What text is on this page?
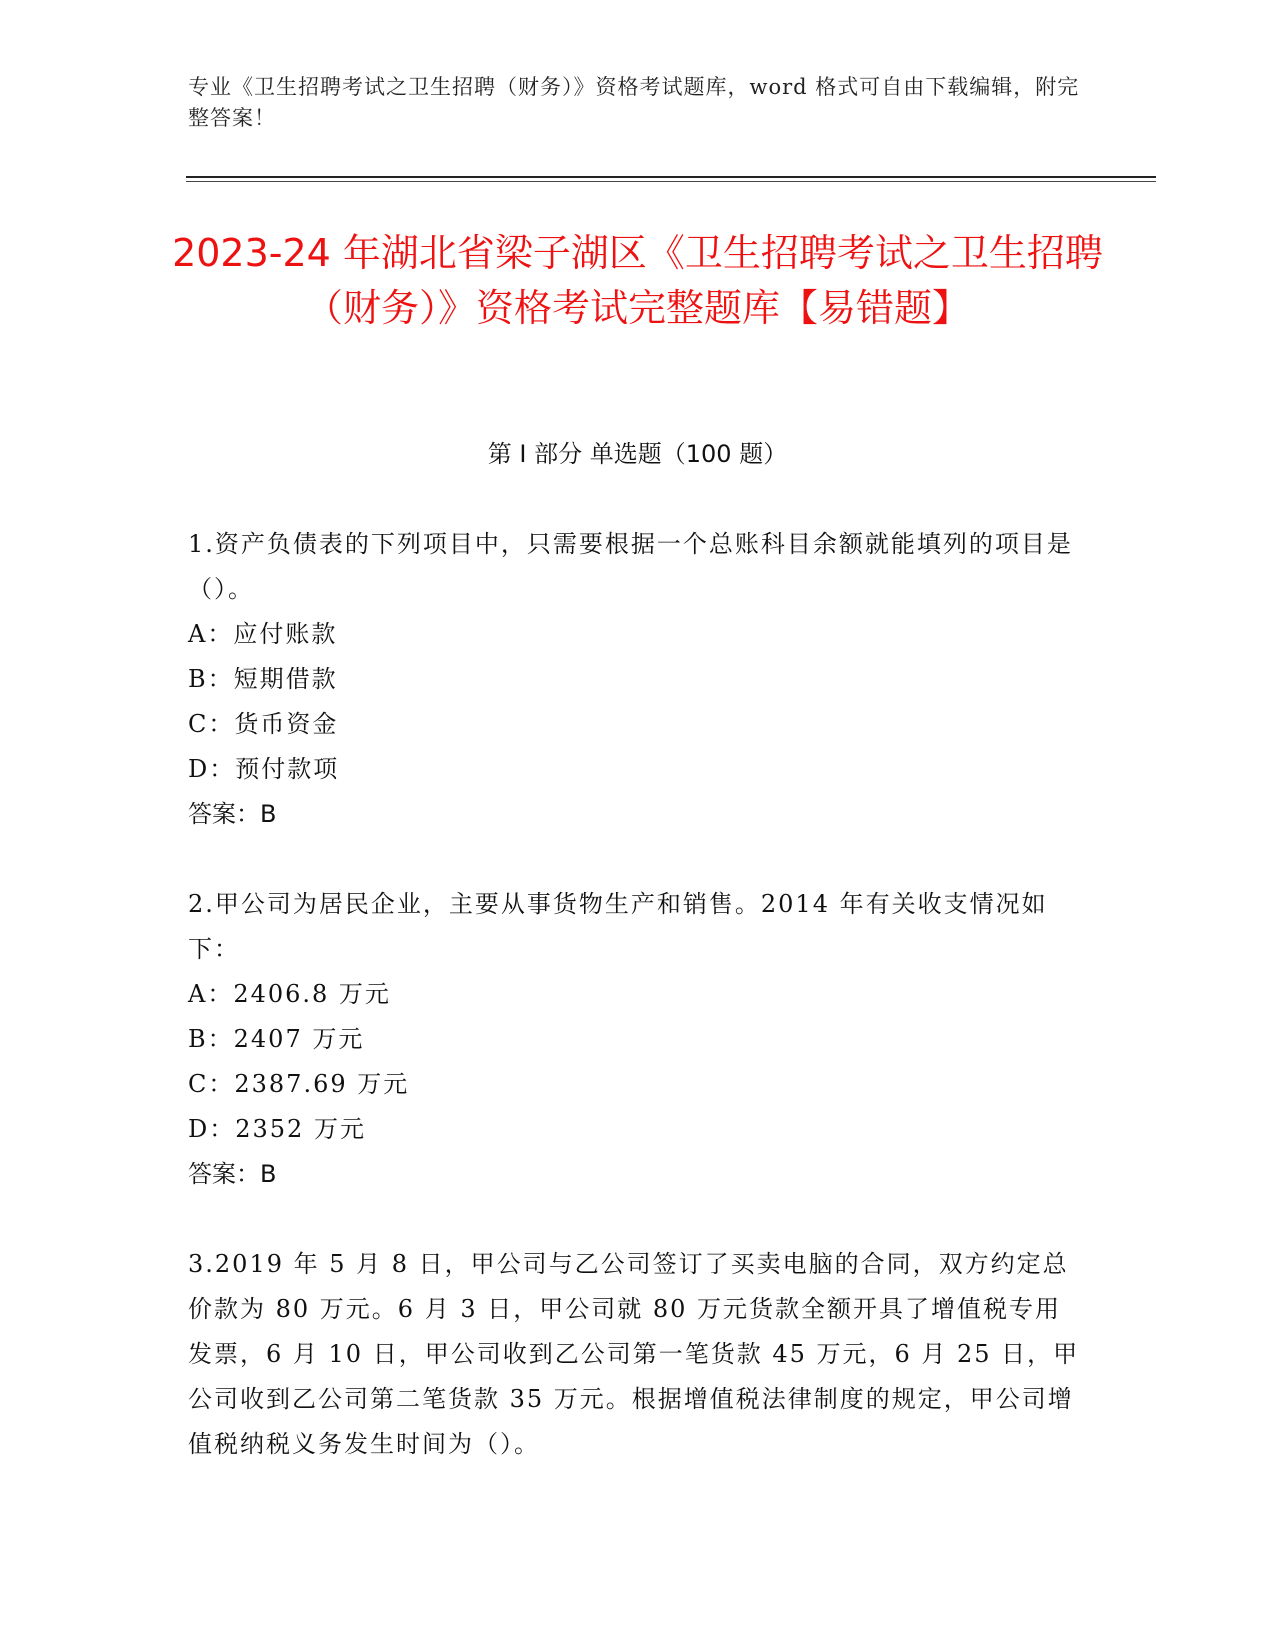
专业《卫生招聘考试之卫生招聘（财务）》资格考试题库，word 格式可自由下载编辑，附完整答案！
2023-24 年湖北省梁子湖区《卫生招聘考试之卫生招聘（财务）》资格考试完整题库【易错题】
第 I 部分 单选题（100 题）

1.资产负债表的下列项目中，只需要根据一个总账科目余额就能填列的项目是（）。

A：应付账款
B：短期借款
C：货币资金
D：预付款项

答案：B

2.甲公司为居民企业，主要从事货物生产和销售。2014 年有关收支情况如下：

A：2406.8 万元
B：2407 万元
C：2387.69 万元
D：2352 万元

答案：B

3.2019 年 5 月 8 日，甲公司与乙公司签订了买卖电脑的合同，双方约定总价款为 80 万元。6 月 3 日，甲公司就 80 万元货款全额开具了增值税专用发票，6 月 10 日，甲公司收到乙公司第一笔货款 45 万元，6 月 25 日，甲公司收到乙公司第二笔货款 35 万元。根据增值税法律制度的规定，甲公司增值税纳税义务发生时间为（）。
